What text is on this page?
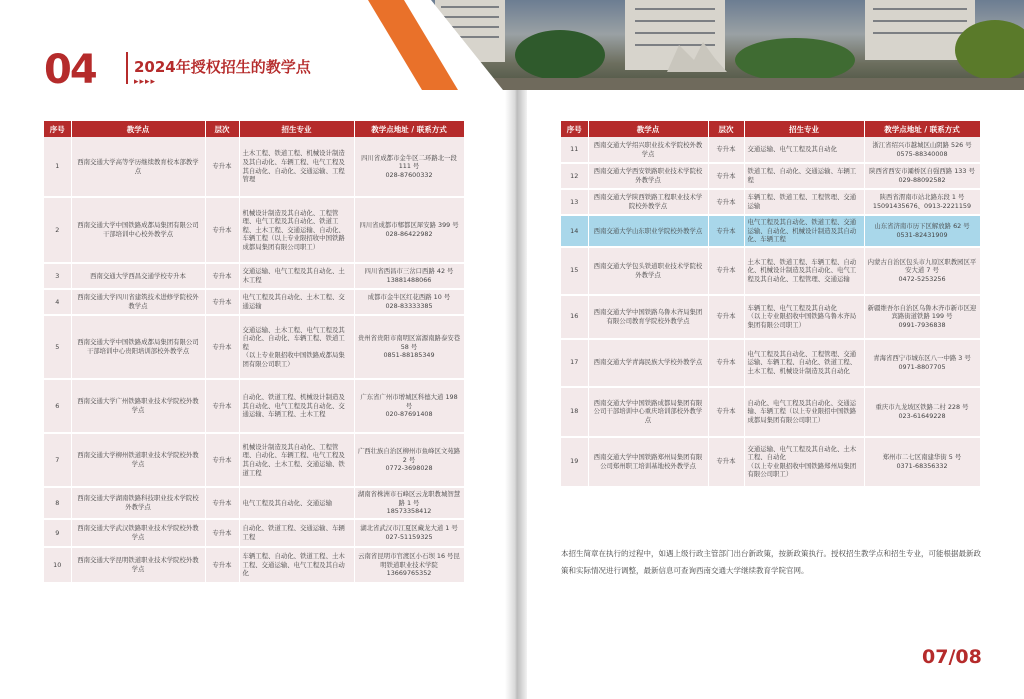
04	2024年授权招生的教学点
▸▸▸▸
序号	教学点	层次	招生专业	教学点地址 / 联系方式
1	西南交通大学高等学历继续教育校本部教学点	专升本	土木工程、铁道工程、机械设计制造及其自动化、车辆工程、电气工程及其自动化、自动化、交通运输、工程管理	四川省成都市金牛区二环路北一段 111 号
028-87600332
2	西南交通大学中国铁路成都局集团有限公司干部培训中心校外教学点	专升本	机械设计制造及其自动化、工程管理、电气工程及其自动化、铁道工程、土木工程、交通运输、自动化、车辆工程（以上专业限招收中国铁路成都局集团有限公司职工）	四川省成都市郫都区犀安路 399 号
028-86422982
3	西南交通大学西昌交通学校专升本	专升本	交通运输、电气工程及其自动化、土木工程	四川省西昌市三岔口西路 42 号
13881488066
4	西南交通大学四川省建筑技术进修学院校外教学点	专升本	电气工程及其自动化、土木工程、交通运输	成都市金牛区红花西路 10 号
028-83333385
5	西南交通大学中国铁路成都局集团有限公司干部培训中心贵阳培训部校外教学点	专升本	交通运输、土木工程、电气工程及其自动化、自动化、车辆工程、铁道工程
（以上专业限招收中国铁路成都局集团有限公司职工）	贵州省贵阳市南明区富源南路泰安巷 58 号
0851-88185349
6	西南交通大学广州铁路职业技术学院校外教学点	专升本	自动化、铁道工程、机械设计制造及其自动化、电气工程及其自动化、交通运输、车辆工程、土木工程	广东省广州市增城区科德大道 198 号
020-87691408
7	西南交通大学柳州铁道职业技术学院校外教学点	专升本	机械设计制造及其自动化、工程管理、自动化、车辆工程、电气工程及其自动化、土木工程、交通运输、铁道工程	广西壮族自治区柳州市鱼峰区文苑路 2 号
0772-3698028
8	西南交通大学湖南铁路科技职业技术学院校外教学点	专升本	电气工程及其自动化、交通运输	湖南省株洲市石峰区云龙职教城智慧路 1 号
18573358412
9	西南交通大学武汉铁路职业技术学院校外教学点	专升本	自动化、铁道工程、交通运输、车辆工程	湖北省武汉市江夏区藏龙大道 1 号
027-51159325
10	西南交通大学昆明铁道职业技术学院校外教学点	专升本	车辆工程、自动化、铁道工程、土木工程、交通运输、电气工程及其自动化	云南省昆明市官渡区小石坝 16 号昆明铁道职业技术学院
13669765352
序号	教学点	层次	招生专业	教学点地址 / 联系方式
11	西南交通大学绍兴职业技术学院校外教学点	专升本	交通运输、电气工程及其自动化	浙江省绍兴市越城区山阴路 526 号
0575-88340008
12	西南交通大学西安铁路职业技术学院校外教学点	专升本	铁道工程、自动化、交通运输、车辆工程	陕西省西安市灞桥区自强西路 133 号
029-88092582
13	西南交通大学陕西铁路工程职业技术学院校外教学点	专升本	车辆工程、铁道工程、工程管理、交通运输	陕西省渭南市站北路东段 1 号
15091435676、0913-2221159
14	西南交通大学山东职业学院校外教学点	专升本	电气工程及其自动化、铁道工程、交通运输、自动化、机械设计制造及其自动化、车辆工程	山东省济南市历下区解放路 62 号
0531-82431909
15	西南交通大学包头铁道职业技术学院校外教学点	专升本	土木工程、铁道工程、车辆工程、自动化、机械设计制造及其自动化、电气工程及其自动化、工程管理、交通运输	内蒙古自治区包头市九原区职教园区平安大道 7 号
0472-5253256
16	西南交通大学中国铁路乌鲁木齐局集团有限公司教育学院校外教学点	专升本	车辆工程、电气工程及其自动化
（以上专业限招收中国铁路乌鲁木齐局集团有限公司职工）	新疆维吾尔自治区乌鲁木齐市新市区迎宾路街道铁路 199 号
0991-7936838
17	西南交通大学青海民族大学校外教学点	专升本	电气工程及其自动化、工程管理、交通运输、车辆工程、自动化、铁道工程、土木工程、机械设计制造及其自动化	青海省西宁市城东区八一中路 3 号
0971-8807705
18	西南交通大学中国铁路成都局集团有限公司干部培训中心重庆培训部校外教学点	专升本	自动化、电气工程及其自动化、交通运输、车辆工程（以上专业限招中国铁路成都局集团有限公司职工）	重庆市九龙坡区铁路二村 228 号
023-61649228
19	西南交通大学中国铁路郑州局集团有限公司郑州职工培训基地校外教学点	专升本	交通运输、电气工程及其自动化、土木工程、自动化
（以上专业限招收中国铁路郑州局集团有限公司职工）	郑州市二七区南建华街 5 号
0371-68356332
本招生简章在执行的过程中，如遇上级行政主管部门出台新政策，按新政策执行。授权招生教学点和招生专业，可能根据最新政策和实际情况进行调整，最新信息可查询西南交通大学继续教育学院官网。
07/08
